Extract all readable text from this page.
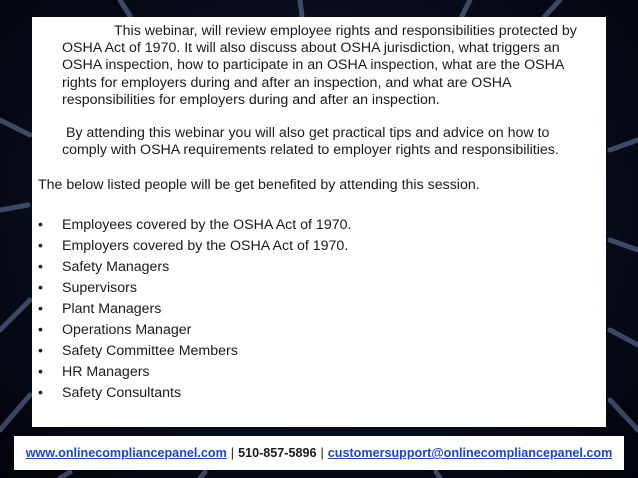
This webinar, will review employee rights and responsibilities protected by OSHA Act of 1970. It will also discuss about OSHA jurisdiction, what triggers an OSHA inspection, how to participate in an OSHA inspection, what are the OSHA rights for employers during and after an inspection, and what are OSHA responsibilities for employers during and after an inspection.

By attending this webinar you will also get practical tips and advice on how to comply with OSHA requirements related to employer rights and responsibilities.

The below listed people will be get benefited by attending this session.

•	Employees covered by the OSHA Act of 1970.
•	Employers covered by the OSHA Act of 1970.
•	Safety Managers
•	Supervisors
•	Plant Managers
•	Operations Manager
•	Safety Committee Members
•	HR Managers
•	Safety Consultants
www.onlinecompliancepanel.com | 510-857-5896 | customersupport@onlinecompliancepanel.com
